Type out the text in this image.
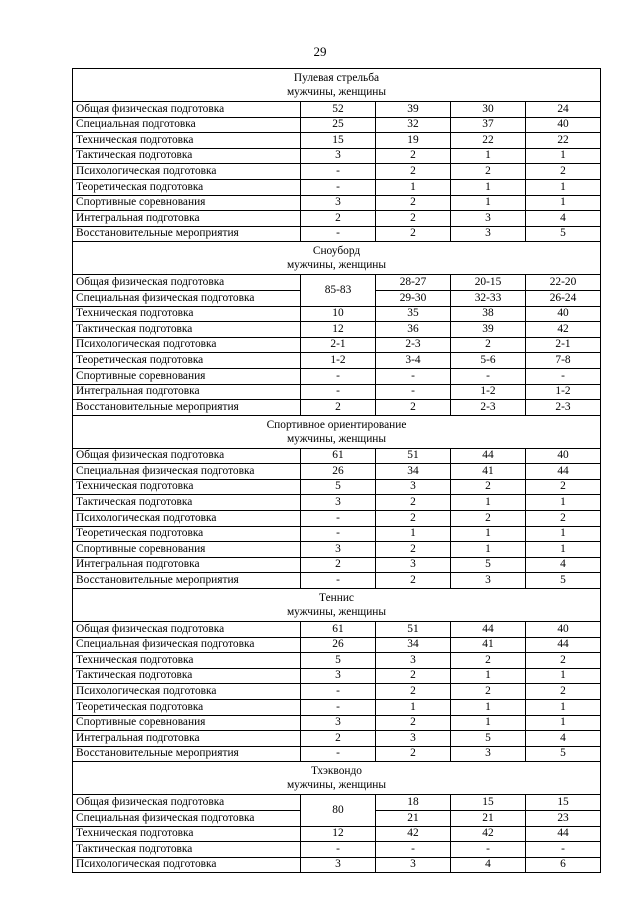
29
Пулевая стрельба
мужчины, женщины				

Общая физическая подготовка	52	39	30	24
Специальная подготовка	25	32	37	40
Техническая подготовка	15	19	22	22
Тактическая подготовка	3	2	1	1
Психологическая подготовка	-	2	2	2
Теоретическая подготовка	-	1	1	1
Спортивные соревнования	3	2	1	1
Интегральная подготовка	2	2	3	4
Восстановительные мероприятия	-	2	3	5

Сноуборд
мужчины, женщины				

Общая физическая подготовка	85-83	28-27	20-15	22-20
Специальная физическая подготовка		29-30	32-33	26-24
Техническая подготовка	10	35	38	40
Тактическая подготовка	12	36	39	42
Психологическая подготовка	2-1	2-3	2	2-1
Теоретическая подготовка	1-2	3-4	5-6	7-8
Спортивные соревнования	-	-	-	-
Интегральная подготовка	-	-	1-2	1-2
Восстановительные мероприятия	2	2	2-3	2-3

Спортивное ориентирование
мужчины, женщины				

Общая физическая подготовка	61	51	44	40
Специальная физическая подготовка	26	34	41	44
Техническая подготовка	5	3	2	2
Тактическая подготовка	3	2	1	1
Психологическая подготовка	-	2	2	2
Теоретическая подготовка	-	1	1	1
Спортивные соревнования	3	2	1	1
Интегральная подготовка	2	3	5	4
Восстановительные мероприятия	-	2	3	5

Теннис
мужчины, женщины				

Общая физическая подготовка	61	51	44	40
Специальная физическая подготовка	26	34	41	44
Техническая подготовка	5	3	2	2
Тактическая подготовка	3	2	1	1
Психологическая подготовка	-	2	2	2
Теоретическая подготовка	-	1	1	1
Спортивные соревнования	3	2	1	1
Интегральная подготовка	2	3	5	4
Восстановительные мероприятия	-	2	3	5

Тхэквондо
мужчины, женщины				

Общая физическая подготовка	80	18	15	15
Специальная физическая подготовка		21	21	23
Техническая подготовка	12	42	42	44
Тактическая подготовка	-	-	-	-
Психологическая подготовка	3	3	4	6
